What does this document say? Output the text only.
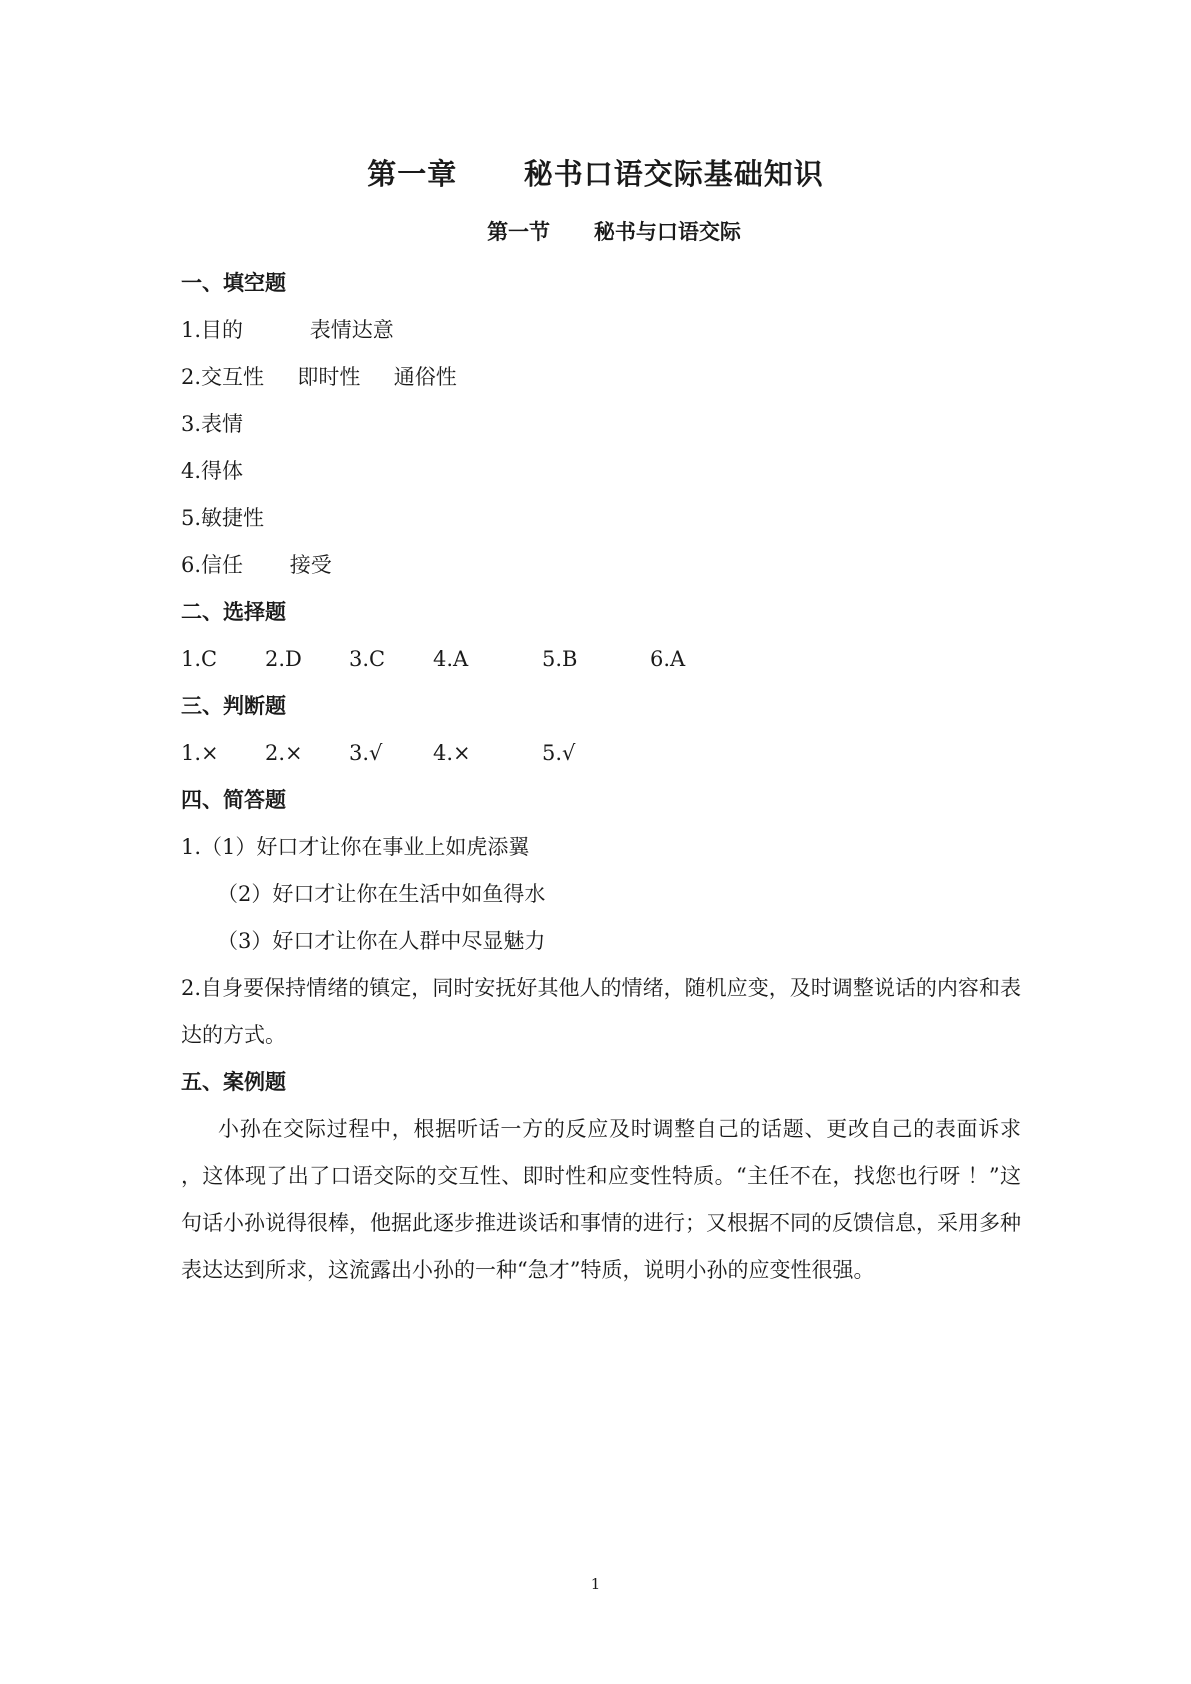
第一章      秘书口语交际基础知识
第一节      秘书与口语交际
一、填空题
1.目的          表情达意
2.交互性     即时性     通俗性
3.表情
4.得体
5.敏捷性
6.信任       接受
二、选择题
1.C	2.D	3.C	4.A	5.B	6.A
三、判断题
1.×	2.×	3.√	4.×	5.√
四、简答题
1.（1）好口才让你在事业上如虎添翼
（2）好口才让你在生活中如鱼得水
（3）好口才让你在人群中尽显魅力
2.自身要保持情绪的镇定，同时安抚好其他人的情绪，随机应变，及时调整说话的内容和表达的方式。
五、案例题
小孙在交际过程中，根据听话一方的反应及时调整自己的话题、更改自己的表面诉求 ，这体现了出了口语交际的交互性、即时性和应变性特质。“主任不在，找您也行呀 ！”这句话小孙说得很棒，他据此逐步推进谈话和事情的进行；又根据不同的反馈信息，采用多种表达达到所求，这流露出小孙的一种“急才”特质，说明小孙的应变性很强。
1
